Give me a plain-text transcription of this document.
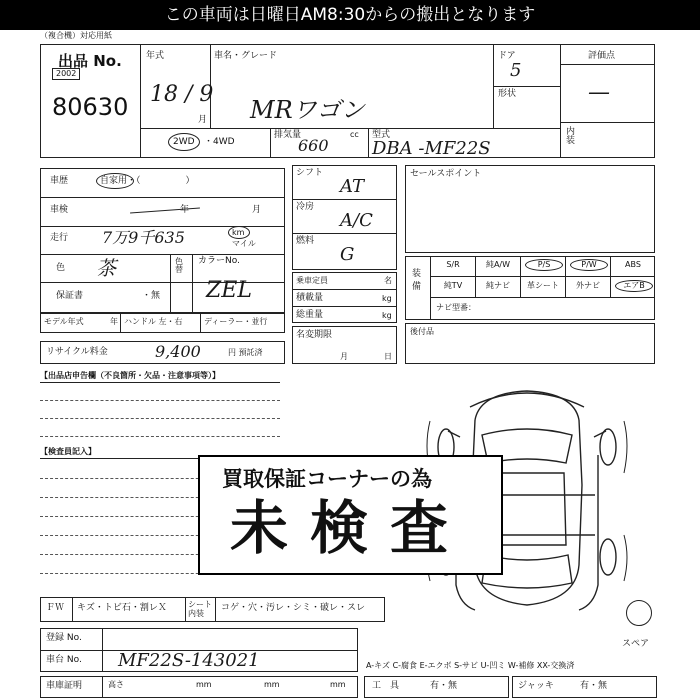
この車両は日曜日AM8:30からの搬出となります
（複合機）対応用紙
出品 No.
2002
80630
年式
18 / 9
月
車名・グレード
MRワゴン
ドア
5
形状
評価点
—
内装
2WD ・4WD
排気量
660
cc 型式
DBA -MF22S
車歴	自家用・（　　　　　）
車検	年	月
走行 7万9千635	km
マイル
色 茶	色替
カラーNo.
ZEL
保証書	・無
モデル年式	年 ハンドル 左・右	ディーラー・並行
リサイクル料金	9,400	円 預託済
シフト
AT
冷房
A/C
燃料
G
乗車定員	名
積載量	kg
総重量	kg
名変期限
月	日
セールスポイント
装備
S/R	純A/W	P/S	P/W	ABS
純TV	純ナビ	革シート	外ナビ	エアB
ナビ型番：
後付品
【出品店申告欄（不良箇所・欠品・注意事項等）】
【検査員記入】
スペア
買取保証コーナーの為
未検査
ＦＷ キズ・トビ石・割レＸ	シート内装
コゲ・穴・汚レ・シミ・破レ・スレ
登録 No.
車台 No. MF22S-143021	A-キズ C-腐食 E-エクボ S-サビ U-凹ミ W-補修 XX-交換済
車庫証明	高さ	mm	mm	mm	工　具	有・無	ジャッキ	有・無
